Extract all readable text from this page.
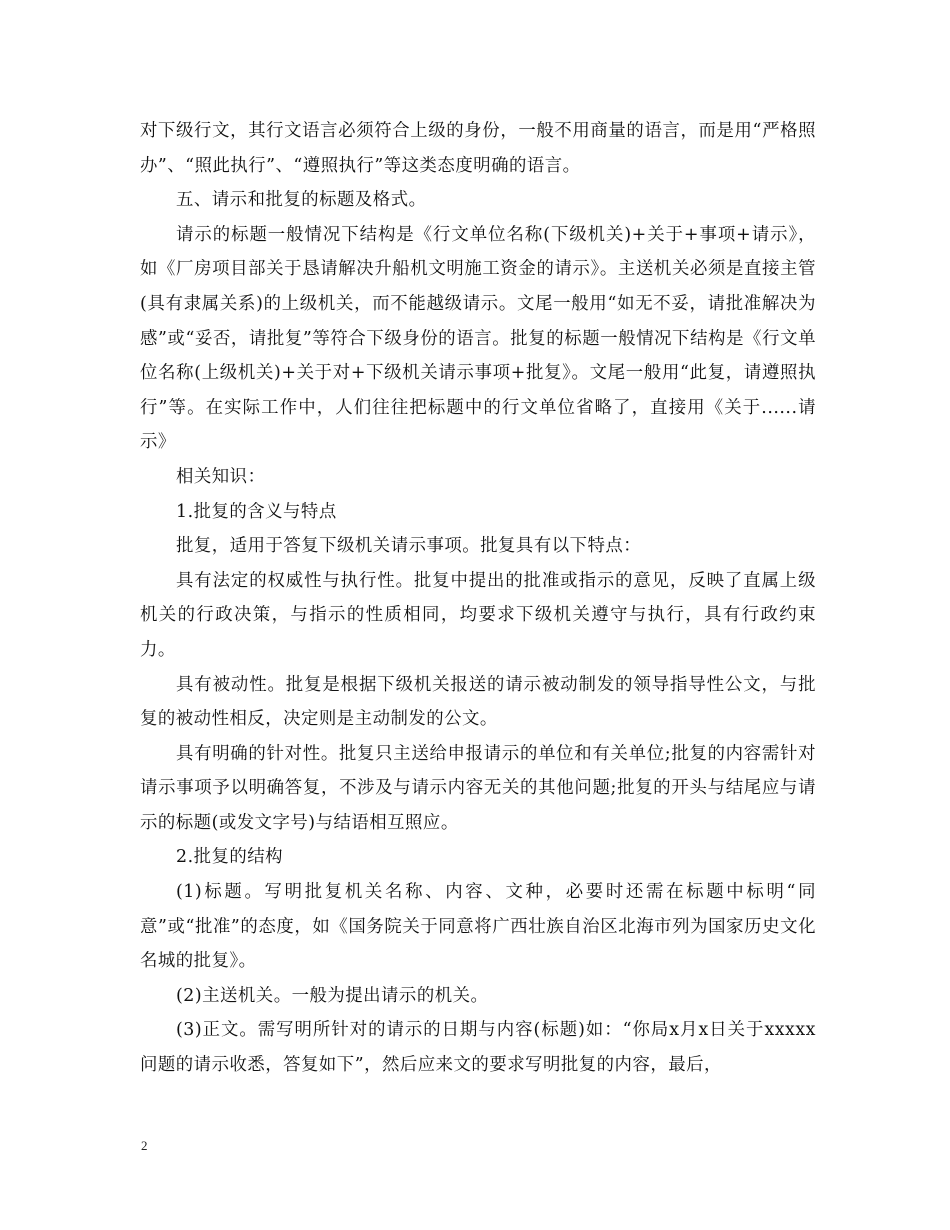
对下级行文，其行文语言必须符合上级的身份，一般不用商量的语言，而是用“严格照办”、“照此执行”、“遵照执行”等这类态度明确的语言。

五、请示和批复的标题及格式。

请示的标题一般情况下结构是《行文单位名称(下级机关)+关于+事项+请示》，如《厂房项目部关于恳请解决升船机文明施工资金的请示》。主送机关必须是直接主管(具有隶属关系)的上级机关，而不能越级请示。文尾一般用“如无不妥，请批准解决为感”或“妥否，请批复”等符合下级身份的语言。批复的标题一般情况下结构是《行文单位名称(上级机关)+关于对+下级机关请示事项+批复》。文尾一般用“此复，请遵照执行”等。在实际工作中，人们往往把标题中的行文单位省略了，直接用《关于......请示》

相关知识：

1.批复的含义与特点

批复，适用于答复下级机关请示事项。批复具有以下特点：

具有法定的权威性与执行性。批复中提出的批准或指示的意见，反映了直属上级机关的行政决策，与指示的性质相同，均要求下级机关遵守与执行，具有行政约束力。

具有被动性。批复是根据下级机关报送的请示被动制发的领导指导性公文，与批复的被动性相反，决定则是主动制发的公文。

具有明确的针对性。批复只主送给申报请示的单位和有关单位;批复的内容需针对请示事项予以明确答复，不涉及与请示内容无关的其他问题;批复的开头与结尾应与请示的标题(或发文字号)与结语相互照应。

2.批复的结构

(1)标题。写明批复机关名称、内容、文种，必要时还需在标题中标明“同意”或“批准”的态度，如《国务院关于同意将广西壮族自治区北海市列为国家历史文化名城的批复》。

(2)主送机关。一般为提出请示的机关。

(3)正文。需写明所针对的请示的日期与内容(标题)如：“你局x月x日关于xxxxx问题的请示收悉，答复如下”，然后应来文的要求写明批复的内容，最后，

2
